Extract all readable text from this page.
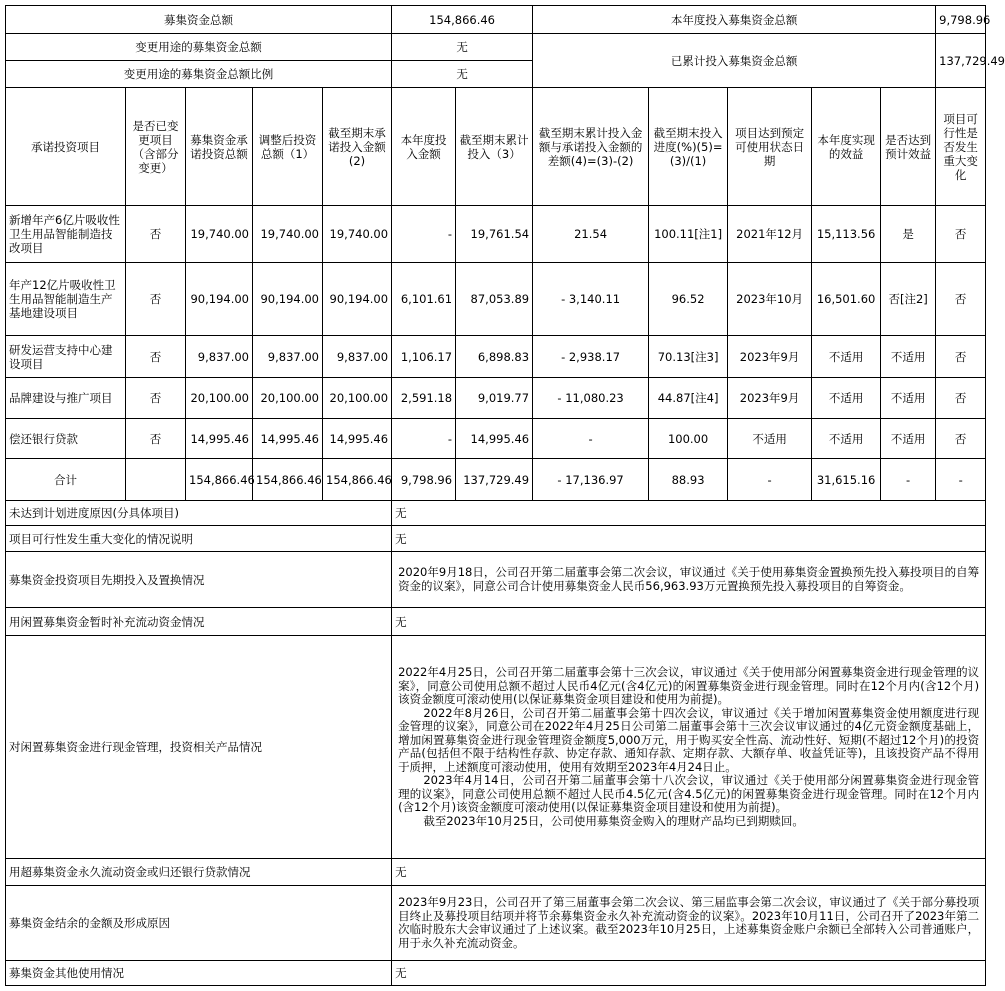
募集资金总额					154,866.46		本年度投入募集资金总额					9,798.96
变更用途的募集资金总额					无		已累计投入募集资金总额					137,729.49
变更用途的募集资金总额比例					无							
承诺投资项目	是否已变更项目（含部分变更）	募集资金承诺投资总额	调整后投资总额（1）	截至期末承诺投入金额(2)	本年度投入金额	截至期末累计投入（3）	截至期末累计投入金额与承诺投入金额的差额(4)=(3)-(2)	截至期末投入进度(%)(5)=(3)/(1)	项目达到预定可使用状态日期	本年度实现的效益	是否达到预计效益	项目可行性是否发生重大变化
新增年产6亿片吸收性卫生用品智能制造技改项目	否	19,740.00	19,740.00	19,740.00	-	19,761.54	21.54	100.11[注1]	2021年12月	15,113.56	是	否
年产12亿片吸收性卫生用品智能制造生产基地建设项目	否	90,194.00	90,194.00	90,194.00	6,101.61	87,053.89	- 3,140.11	96.52	2023年10月	16,501.60	否[注2]	否
研发运营支持中心建设项目	否	9,837.00	9,837.00	9,837.00	1,106.17	6,898.83	- 2,938.17	70.13[注3]	2023年9月	不适用	不适用	否
品牌建设与推广项目	否	20,100.00	20,100.00	20,100.00	2,591.18	9,019.77	- 11,080.23	44.87[注4]	2023年9月	不适用	不适用	否
偿还银行贷款	否	14,995.46	14,995.46	14,995.46	-	14,995.46	-	100.00	不适用	不适用	不适用	否
合计		154,866.46	154,866.46	154,866.46	9,798.96	137,729.49	- 17,136.97	88.93	-	31,615.16	-	-
未达到计划进度原因(分具体项目)					无							

项目可行性发生重大变化的情况说明					无							

募集资金投资项目先期投入及置换情况					2020年9月18日，公司召开第二届董事会第二次会议，审议通过《关于使用募集资金置换预先投入募投项目的自筹资金的议案》，同意公司合计使用募集资金人民币56,963.93万元置换预先投入募投项目的自筹资金。							

用闲置募集资金暂时补充流动资金情况					无							

对闲置募集资金进行现金管理，投资相关产品情况					2022年4月25日，公司召开第二届董事会第十三次会议，审议通过《关于使用部分闲置募集资金进行现金管理的议案》，同意公司使用总额不超过人民币4亿元(含4亿元)的闲置募集资金进行现金管理。同时在12个月内(含12个月)该资金额度可滚动使用(以保证募集资金项目建设和使用为前提)。
2022年8月26日，公司召开第二届董事会第十四次会议，审议通过《关于增加闲置募集资金使用额度进行现金管理的议案》，同意公司在2022年4月25日公司第二届董事会第十三次会议审议通过的4亿元资金额度基础上，增加闲置募集资金进行现金管理资金额度5,000万元，用于购买安全性高、流动性好、短期(不超过12个月)的投资产品(包括但不限于结构性存款、协定存款、通知存款、定期存款、大额存单、收益凭证等)，且该投资产品不得用于质押，上述额度可滚动使用，使用有效期至2023年4月24日止。
2023年4月14日，公司召开第二届董事会第十八次会议，审议通过《关于使用部分闲置募集资金进行现金管理的议案》，同意公司使用总额不超过人民币4.5亿元(含4.5亿元)的闲置募集资金进行现金管理。同时在12个月内(含12个月)该资金额度可滚动使用(以保证募集资金项目建设和使用为前提)。
截至2023年10月25日，公司使用募集资金购入的理财产品均已到期赎回。							

用超募集资金永久流动资金或归还银行贷款情况					无							

募集资金结余的金额及形成原因					2023年9月23日，公司召开了第三届董事会第二次会议、第三届监事会第二次会议，审议通过了《关于部分募投项目终止及募投项目结项并将节余募集资金永久补充流动资金的议案》。2023年10月11日，公司召开了2023年第二次临时股东大会审议通过了上述议案。截至2023年10月25日，上述募集资金账户余额已全部转入公司普通账户，用于永久补充流动资金。							

募集资金其他使用情况					无							
